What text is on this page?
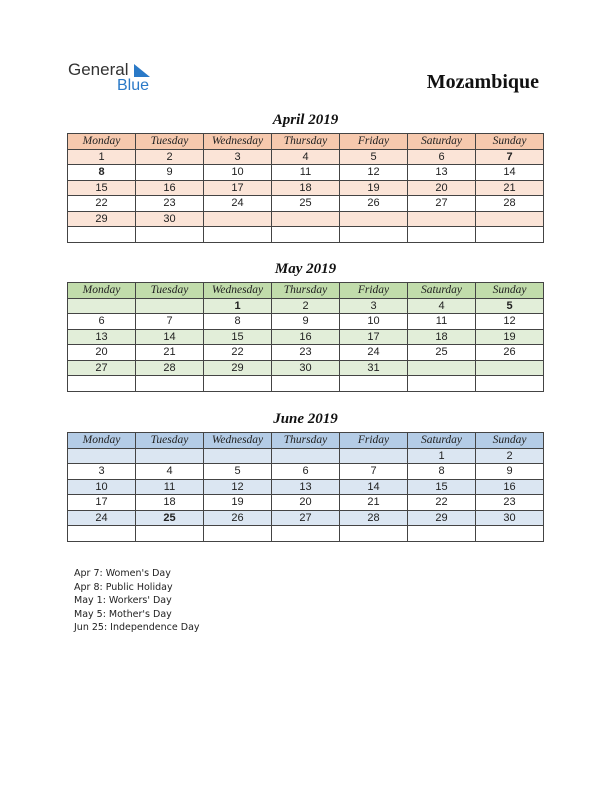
General
Blue	Mozambique
April 2019
Monday	Tuesday	Wednesday	Thursday	Friday	Saturday	Sunday
1	2	3	4	5	6	7
8	9	10	11	12	13	14
15	16	17	18	19	20	21
22	23	24	25	26	27	28
29	30					

May 2019
Monday	Tuesday	Wednesday	Thursday	Friday	Saturday	Sunday
		1	2	3	4	5
6	7	8	9	10	11	12
13	14	15	16	17	18	19
20	21	22	23	24	25	26
27	28	29	30	31		

June 2019
Monday	Tuesday	Wednesday	Thursday	Friday	Saturday	Sunday
					1	2
3	4	5	6	7	8	9
10	11	12	13	14	15	16
17	18	19	20	21	22	23
24	25	26	27	28	29	30

Apr 7: Women's Day
Apr 8: Public Holiday
May 1: Workers' Day
May 5: Mother's Day
Jun 25: Independence Day
